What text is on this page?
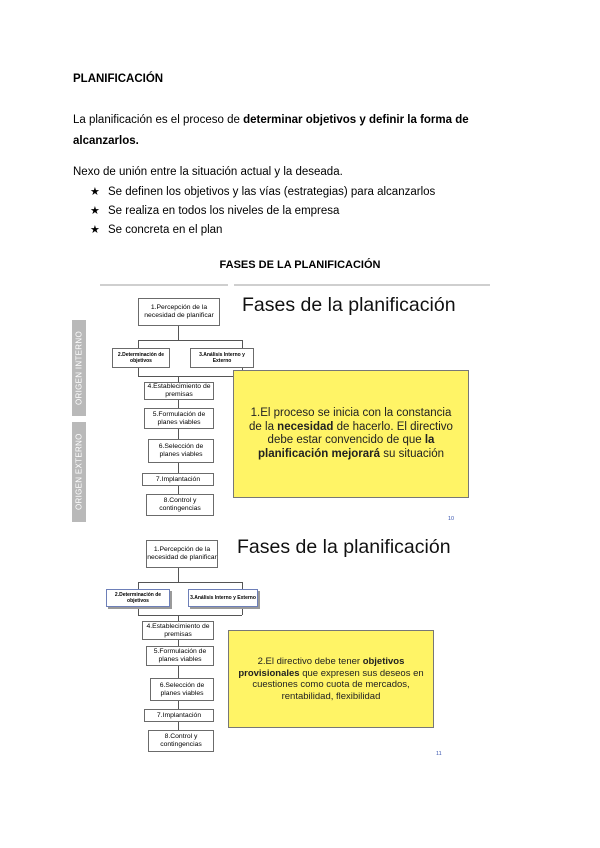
PLANIFICACIÓN
La planificación es el proceso de determinar objetivos y definir la forma de alcanzarlos.
Nexo de unión entre la situación actual y la deseada.
★ Se definen los objetivos y las vías (estrategias) para alcanzarlos
★ Se realiza en todos los niveles de la empresa
★ Se concreta en el plan
FASES DE LA PLANIFICACIÓN
ORIGEN INTERNO
ORIGEN EXTERNO
Fases de la planificación
1.Percepción de la necesidad de planificar
2.Determinación de objetivos
3.Análisis Interno y Externo
4.Establecimiento de premisas
5.Formulación de planes viables
6.Selección de planes viables
7.Implantación
8.Control y contingencias
1.El proceso se inicia con la constancia de la necesidad de hacerlo. El directivo debe estar convencido de que la planificación mejorará su situación
10
Fases de la planificación
1.Percepción de la necesidad de planificar
2.Determinación de objetivos	3.Análisis Interno y Externo
4.Establecimiento de premisas
5.Formulación de planes viables
6.Selección de planes viables
7.Implantación
8.Control y contingencias
2.El directivo debe tener objetivos provisionales que expresen sus deseos en cuestiones como cuota de mercados, rentabilidad, flexibilidad
11
